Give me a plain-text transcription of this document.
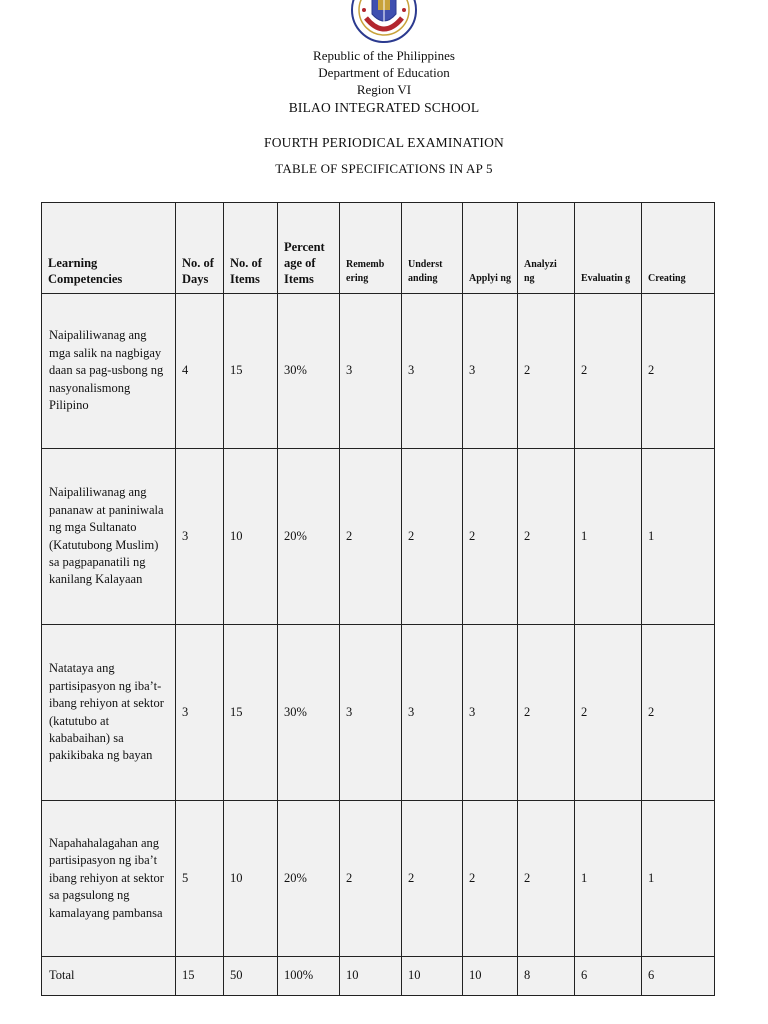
Republic of the Philippines
Department of Education
Region VI
BILAO INTEGRATED SCHOOL
FOURTH PERIODICAL EXAMINATION
TABLE OF SPECIFICATIONS IN AP 5
Learning Competencies	No. of Days	No. of Items	Percent age of Items	Rememb ering	Underst anding	Applyi ng	Analyzi ng	Evaluatin g	Creating
Naipaliliwanag ang mga salik na nagbigay daan sa pag-usbong ng nasyonalismong Pilipino	4	15	30%	3	3	3	2	2	2
Naipaliliwanag ang pananaw at paniniwala ng mga Sultanato (Katutubong Muslim) sa pagpapanatili ng kanilang Kalayaan	3	10	20%	2	2	2	2	1	1
Natataya ang partisipasyon ng iba’t-ibang rehiyon at sektor (katutubo at kababaihan) sa pakikibaka ng bayan	3	15	30%	3	3	3	2	2	2
Napahahalagahan ang partisipasyon ng iba’t ibang rehiyon at sektor sa pagsulong ng kamalayang pambansa	5	10	20%	2	2	2	2	1	1
Total	15	50	100%	10	10	10	8	6	6
